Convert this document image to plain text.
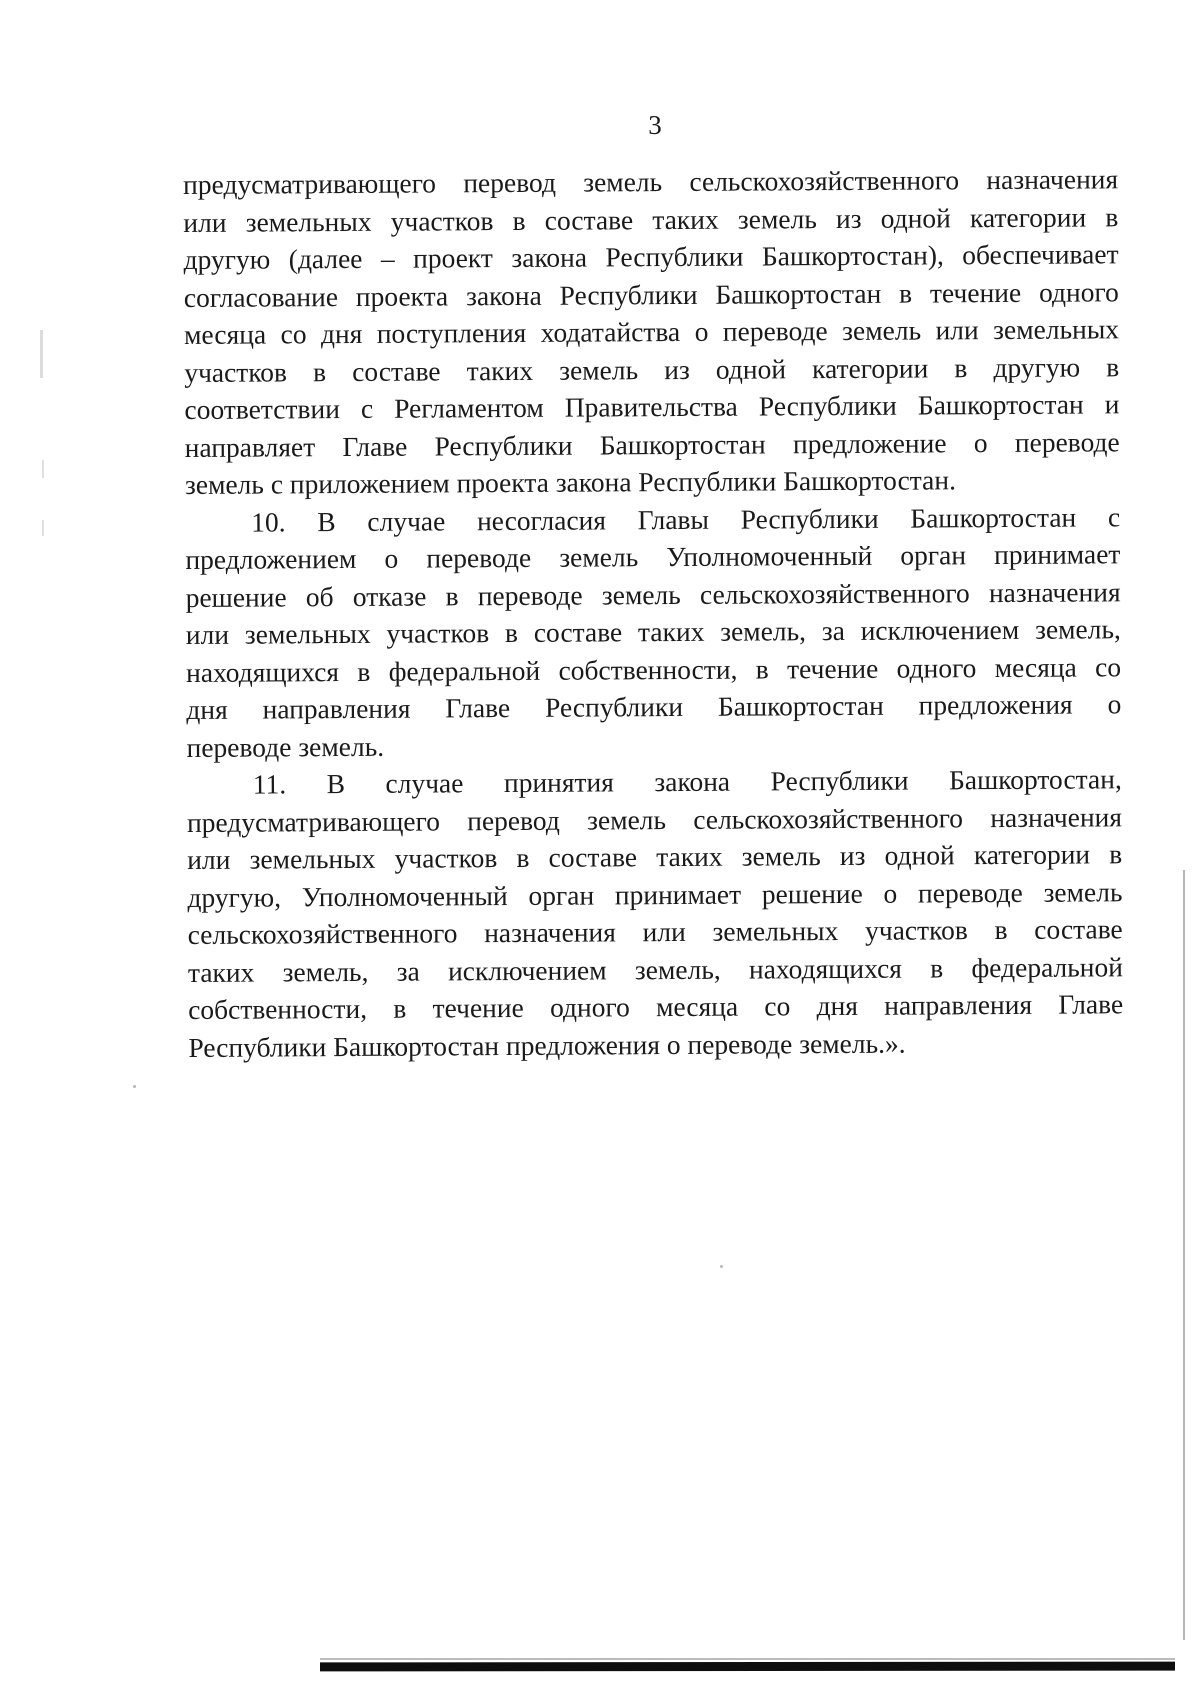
3
предусматривающего перевод земель сельскохозяйственного назначения
или земельных участков в составе таких земель из одной категории в
другую (далее – проект закона Республики Башкортостан), обеспечивает
согласование проекта закона Республики Башкортостан в течение одного
месяца со дня поступления ходатайства о переводе земель или земельных
участков в составе таких земель из одной категории в другую в
соответствии с Регламентом Правительства Республики Башкортостан и
направляет Главе Республики Башкортостан предложение о переводе
земель с приложением проекта закона Республики Башкортостан.
10. В случае несогласия Главы Республики Башкортостан с
предложением о переводе земель Уполномоченный орган принимает
решение об отказе в переводе земель сельскохозяйственного назначения
или земельных участков в составе таких земель, за исключением земель,
находящихся в федеральной собственности, в течение одного месяца со
дня направления Главе Республики Башкортостан предложения о
переводе земель.
11. В случае принятия закона Республики Башкортостан,
предусматривающего перевод земель сельскохозяйственного назначения
или земельных участков в составе таких земель из одной категории в
другую, Уполномоченный орган принимает решение о переводе земель
сельскохозяйственного назначения или земельных участков в составе
таких земель, за исключением земель, находящихся в федеральной
собственности, в течение одного месяца со дня направления Главе
Республики Башкортостан предложения о переводе земель.».
